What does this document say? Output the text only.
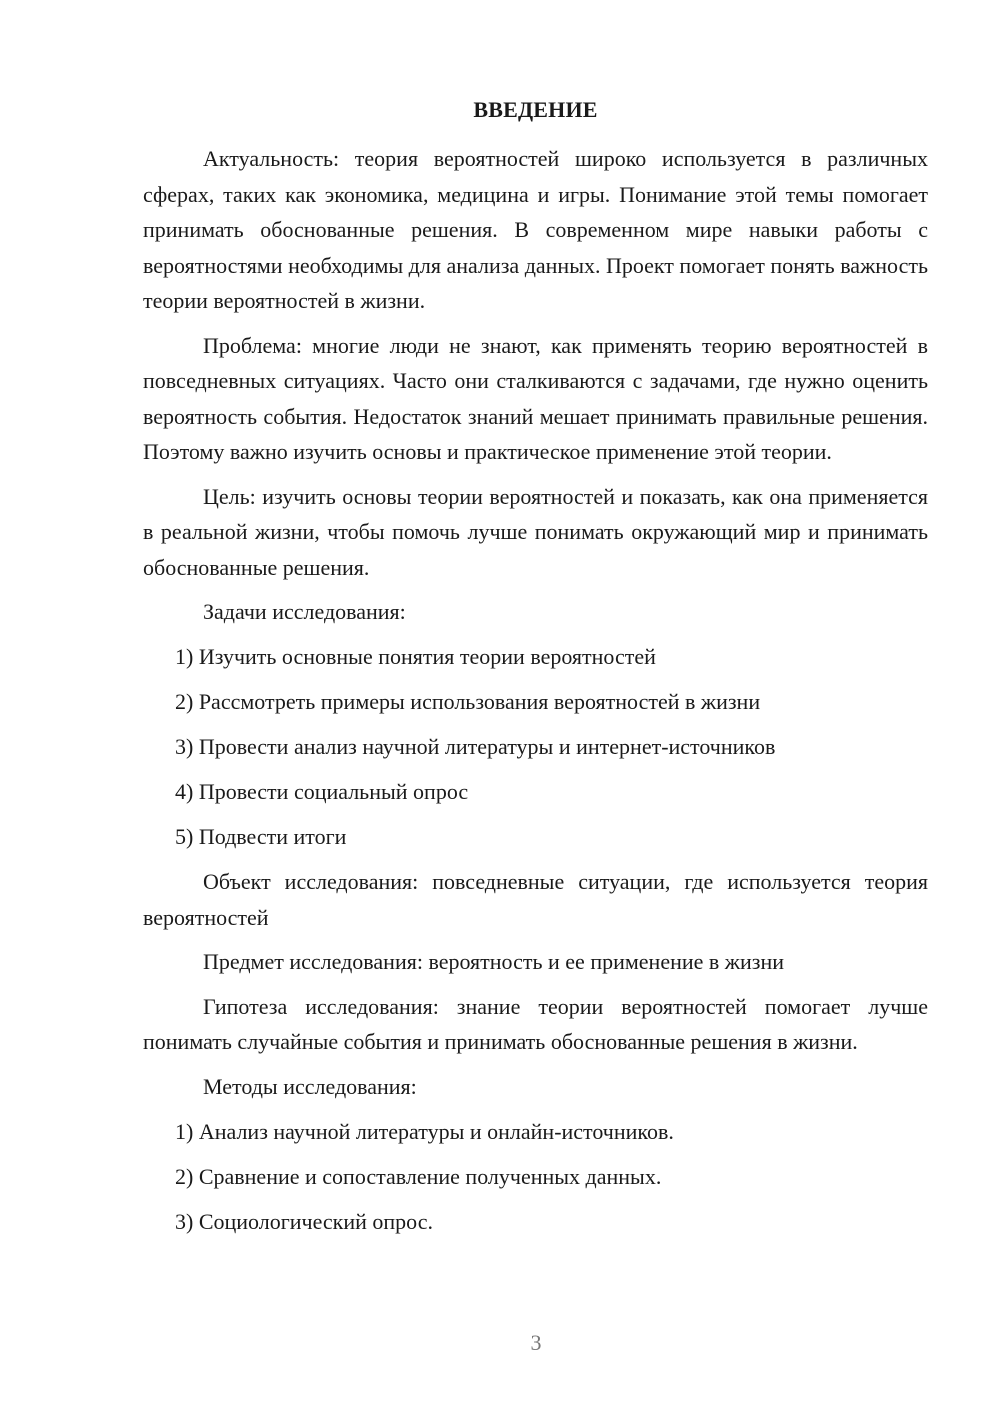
ВВЕДЕНИЕ

Актуальность: теория вероятностей широко используется в различных сферах, таких как экономика, медицина и игры. Понимание этой темы помогает принимать обоснованные решения. В современном мире навыки работы с вероятностями необходимы для анализа данных. Проект помогает понять важность теории вероятностей в жизни.

Проблема: многие люди не знают, как применять теорию вероятностей в повседневных ситуациях. Часто они сталкиваются с задачами, где нужно оценить вероятность события. Недостаток знаний мешает принимать правильные решения. Поэтому важно изучить основы и практическое применение этой теории.

Цель: изучить основы теории вероятностей и показать, как она применяется в реальной жизни, чтобы помочь лучше понимать окружающий мир и принимать обоснованные решения.

Задачи исследования:
1) Изучить основные понятия теории вероятностей
2) Рассмотреть примеры использования вероятностей в жизни
3) Провести анализ научной литературы и интернет-источников
4) Провести социальный опрос
5) Подвести итоги

Объект исследования: повседневные ситуации, где используется теория вероятностей

Предмет исследования: вероятность и ее применение в жизни

Гипотеза исследования: знание теории вероятностей помогает лучше понимать случайные события и принимать обоснованные решения в жизни.

Методы исследования:
1) Анализ научной литературы и онлайн-источников.
2) Сравнение и сопоставление полученных данных.
3) Социологический опрос.
3
